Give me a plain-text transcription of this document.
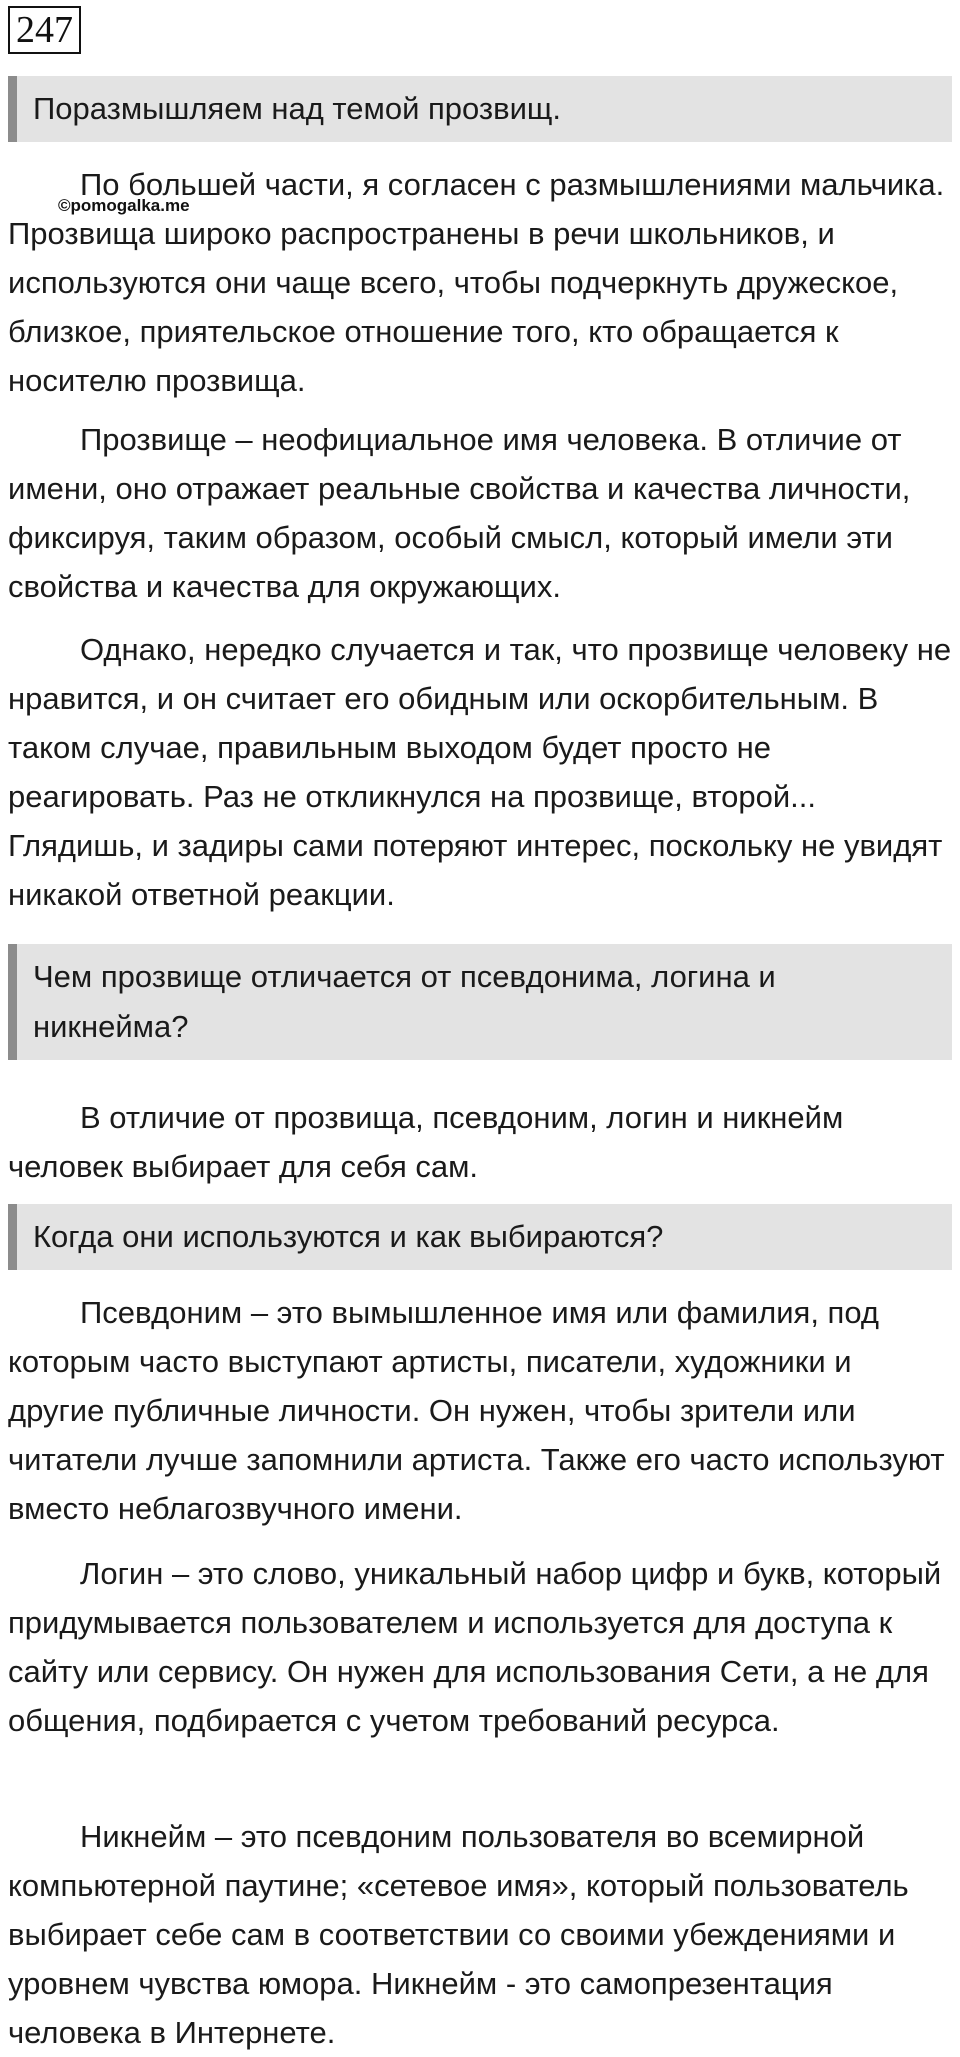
247
©pomogalka.me
Поразмышляем над темой прозвищ.

По большей части, я согласен с размышлениями мальчика. Прозвища широко распространены в речи школьников, и используются они чаще всего, чтобы подчеркнуть дружеское, близкое, приятельское отношение того, кто обращается к носителю прозвища.

Прозвище – неофициальное имя человека. В отличие от имени, оно отражает реальные свойства и качества личности, фиксируя, таким образом, особый смысл, который имели эти свойства и качества для окружающих.

Однако, нередко случается и так, что прозвище человеку не нравится, и он считает его обидным или оскорбительным. В таком случае, правильным выходом будет просто не реагировать. Раз не откликнулся на прозвище, второй... Глядишь, и задиры сами потеряют интерес, поскольку не увидят никакой ответной реакции.

Чем прозвище отличается от псевдонима, логина и никнейма?

В отличие от прозвища, псевдоним, логин и никнейм человек выбирает для себя сам.

Когда они используются и как выбираются?

Псевдоним – это вымышленное имя или фамилия, под которым часто выступают артисты, писатели, художники и другие публичные личности. Он нужен, чтобы зрители или читатели лучше запомнили артиста. Также его часто используют вместо неблагозвучного имени.

Логин – это слово, уникальный набор цифр и букв, который придумывается пользователем и используется для доступа к сайту или сервису. Он нужен для использования Сети, а не для общения, подбирается с учетом требований ресурса.

Никнейм – это псевдоним пользователя во всемирной компьютерной паутине; «сетевое имя», который пользователь выбирает себе сам в соответствии со своими убеждениями и уровнем чувства юмора. Никнейм - это самопрезентация человека в Интернете.
